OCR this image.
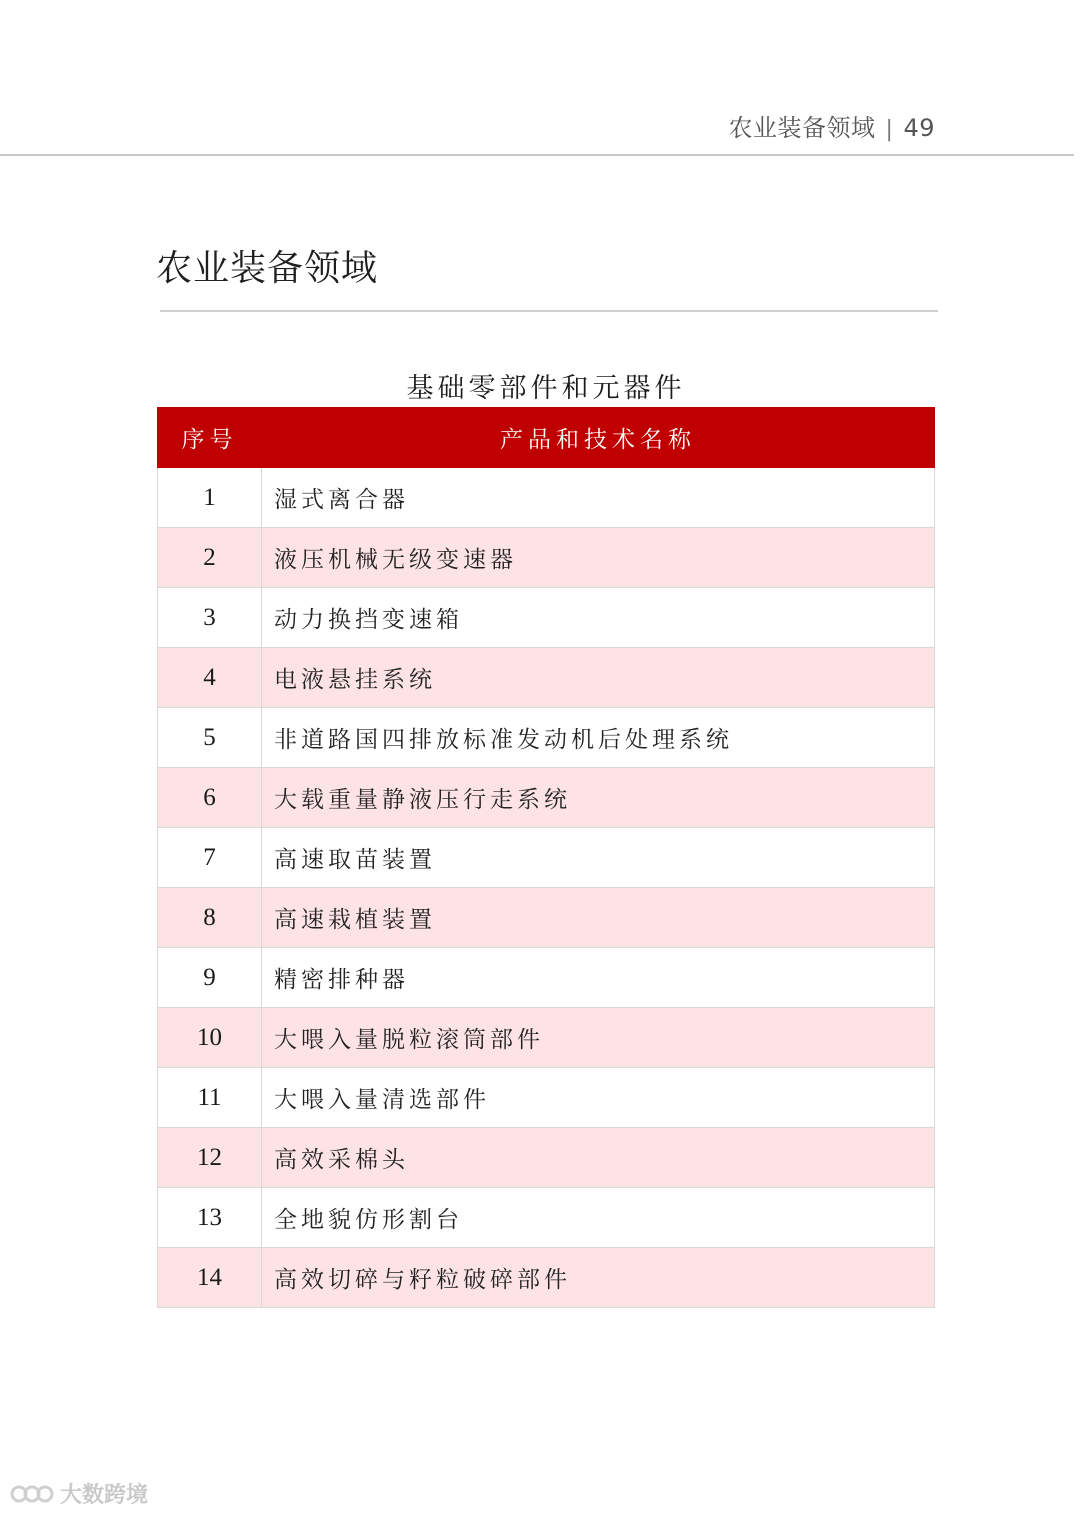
农业装备领域 | 49
农业装备领域
基础零部件和元器件
序号	产品和技术名称
1	湿式离合器
2	液压机械无级变速器
3	动力换挡变速箱
4	电液悬挂系统
5	非道路国四排放标准发动机后处理系统
6	大载重量静液压行走系统
7	高速取苗装置
8	高速栽植装置
9	精密排种器
10	大喂入量脱粒滚筒部件
11	大喂入量清选部件
12	高效采棉头
13	全地貌仿形割台
14	高效切碎与籽粒破碎部件
大数跨境
